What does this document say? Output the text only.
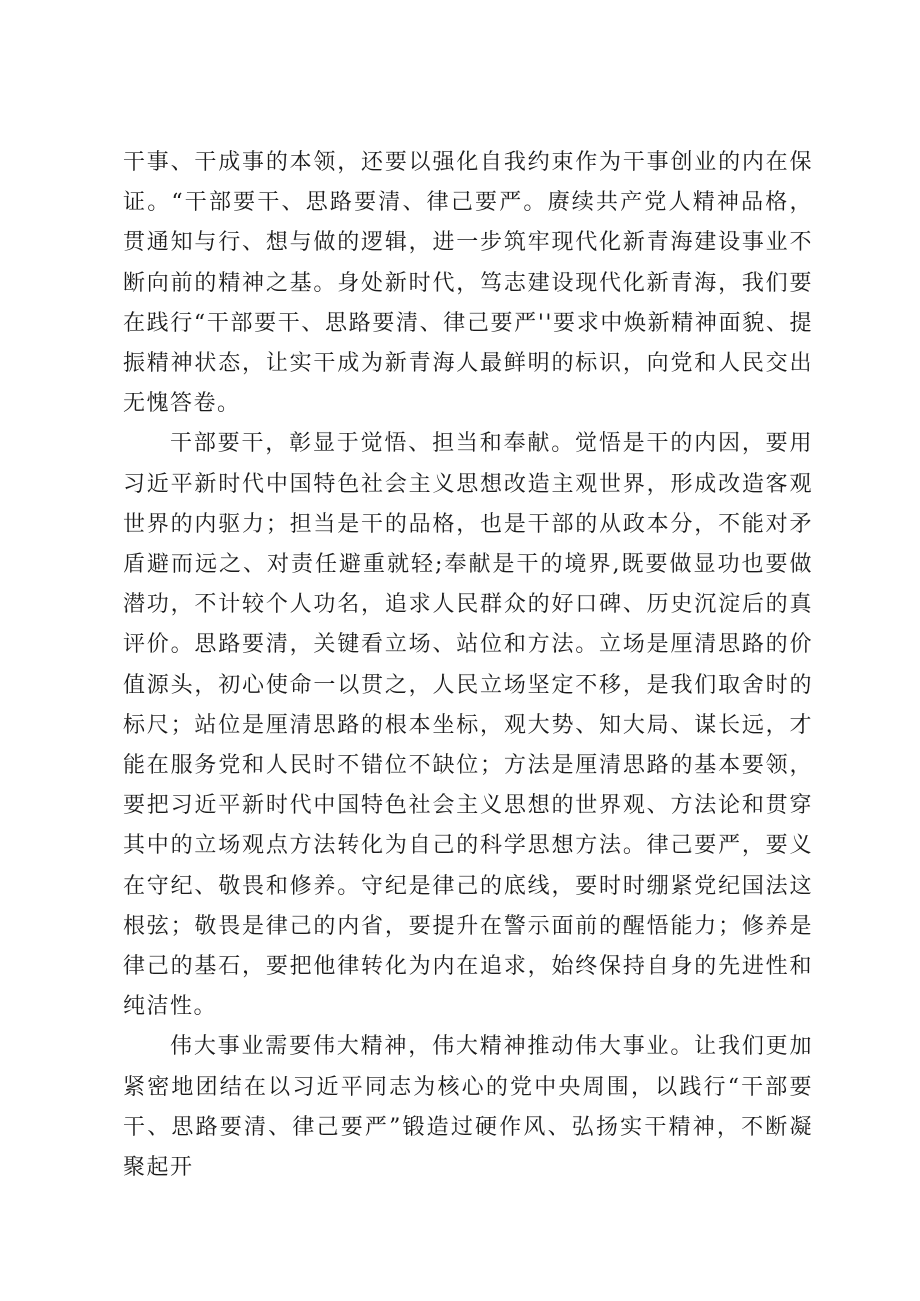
干事、干成事的本领，还要以强化自我约束作为干事创业的内在保证。“干部要干、思路要清、律己要严。赓续共产党人精神品格，贯通知与行、想与做的逻辑，进一步筑牢现代化新青海建设事业不断向前的精神之基。身处新时代，笃志建设现代化新青海，我们要在践行“干部要干、思路要清、律己要严''要求中焕新精神面貌、提振精神状态，让实干成为新青海人最鲜明的标识，向党和人民交出无愧答卷。

干部要干，彰显于觉悟、担当和奉献。觉悟是干的内因，要用习近平新时代中国特色社会主义思想改造主观世界，形成改造客观世界的内驱力；担当是干的品格，也是干部的从政本分，不能对矛盾避而远之、对责任避重就轻;奉献是干的境界,既要做显功也要做潜功，不计较个人功名，追求人民群众的好口碑、历史沉淀后的真评价。思路要清，关键看立场、站位和方法。立场是厘清思路的价值源头，初心使命一以贯之，人民立场坚定不移，是我们取舍时的标尺；站位是厘清思路的根本坐标，观大势、知大局、谋长远，才能在服务党和人民时不错位不缺位；方法是厘清思路的基本要领，要把习近平新时代中国特色社会主义思想的世界观、方法论和贯穿其中的立场观点方法转化为自己的科学思想方法。律己要严，要义在守纪、敬畏和修养。守纪是律己的底线，要时时绷紧党纪国法这根弦；敬畏是律己的内省，要提升在警示面前的醒悟能力；修养是律己的基石，要把他律转化为内在追求，始终保持自身的先进性和纯洁性。

伟大事业需要伟大精神，伟大精神推动伟大事业。让我们更加紧密地团结在以习近平同志为核心的党中央周围，以践行“干部要干、思路要清、律己要严”锻造过硬作风、弘扬实干精神，不断凝聚起开
